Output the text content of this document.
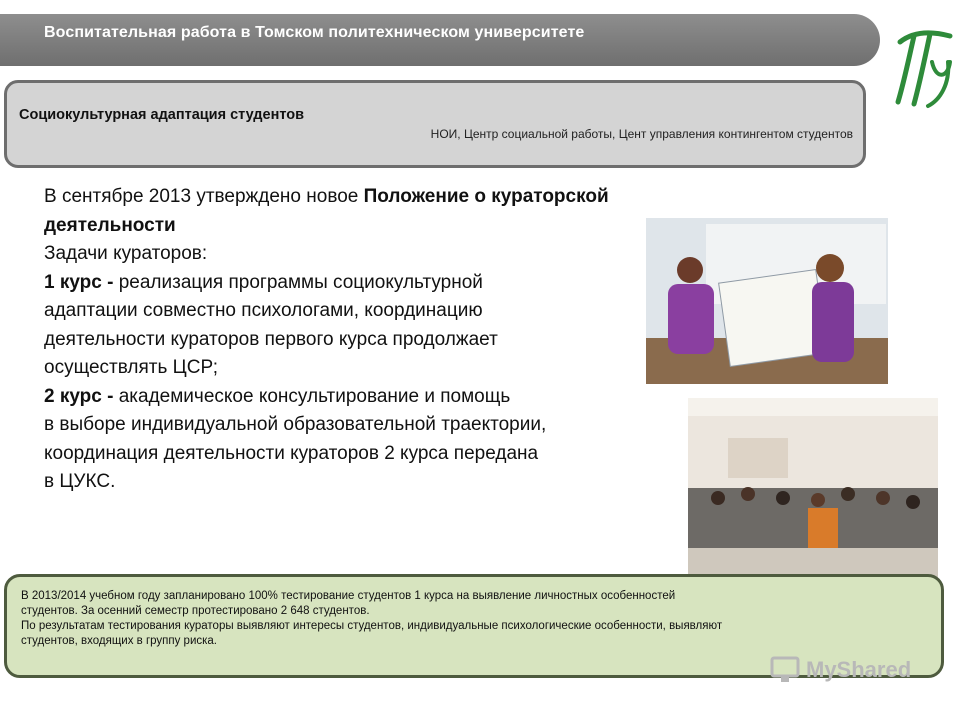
Воспитательная работа в Томском политехническом университете
Социокультурная адаптация студентов
НОИ, Центр социальной работы, Цент управления контингентом студентов

В сентябре 2013 утверждено новое Положение о кураторской

деятельности

Задачи кураторов:

1 курс - реализация программы социокультурной

адаптации совместно психологами, координацию

деятельности кураторов первого курса продолжает

осуществлять ЦСР;

2 курс - академическое консультирование и помощь

в выборе индивидуальной образовательной траектории,

координация деятельности кураторов 2 курса передана

в ЦУКС.

В 2013/2014 учебном году запланировано 100% тестирование студентов 1 курса на выявление личностных особенностей

студентов. За осенний семестр протестировано 2 648 студентов.

По результатам тестирования кураторы выявляют интересы студентов, индивидуальные психологические особенности, выявляют

студентов, входящих в группу риска.

MyShared
